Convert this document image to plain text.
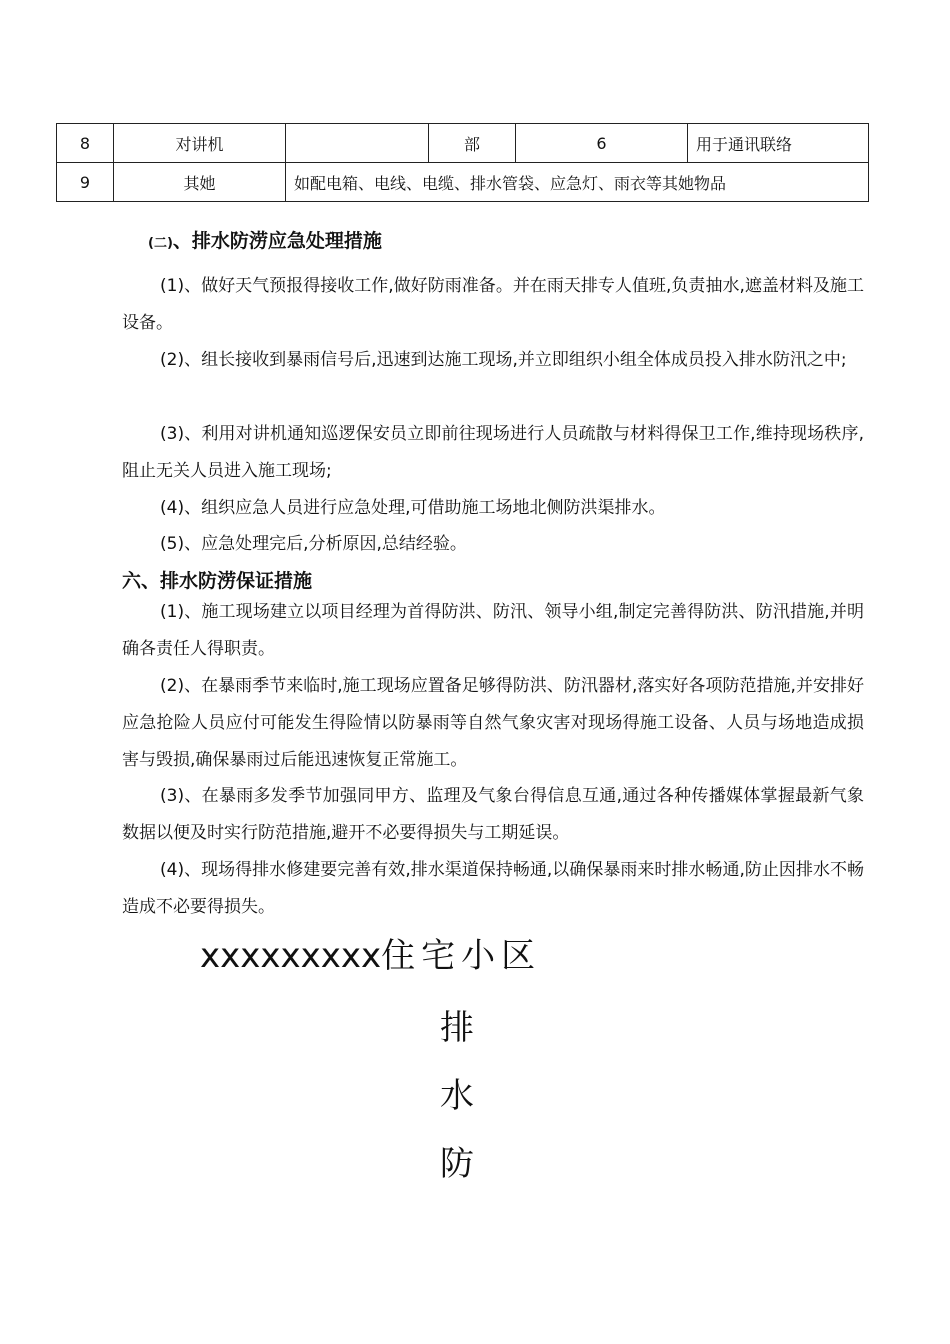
8	对讲机		部	6	用于通讯联络
9	其她	如配电箱、电线、电缆、排水管袋、应急灯、雨衣等其她物品			
(二)、排水防涝应急处理措施
(1)、做好天气预报得接收工作,做好防雨准备。并在雨天排专人值班,负责抽水,遮盖材料及施工设备。
(2)、组长接收到暴雨信号后,迅速到达施工现场,并立即组织小组全体成员投入排水防汛之中;
(3)、利用对讲机通知巡逻保安员立即前往现场进行人员疏散与材料得保卫工作,维持现场秩序,阻止无关人员进入施工现场;
(4)、组织应急人员进行应急处理,可借助施工场地北侧防洪渠排水。
(5)、应急处理完后,分析原因,总结经验。
六、排水防涝保证措施
(1)、施工现场建立以项目经理为首得防洪、防汛、领导小组,制定完善得防洪、防汛措施,并明确各责任人得职责。
(2)、在暴雨季节来临时,施工现场应置备足够得防洪、防汛器材,落实好各项防范措施,并安排好应急抢险人员应付可能发生得险情以防暴雨等自然气象灾害对现场得施工设备、人员与场地造成损害与毁损,确保暴雨过后能迅速恢复正常施工。
(3)、在暴雨多发季节加强同甲方、监理及气象台得信息互通,通过各种传播媒体掌握最新气象数据以便及时实行防范措施,避开不必要得损失与工期延误。
(4)、现场得排水修建要完善有效,排水渠道保持畅通,以确保暴雨来时排水畅通,防止因排水不畅造成不必要得损失。
xxxxxxxxx住宅小区
排
水
防
